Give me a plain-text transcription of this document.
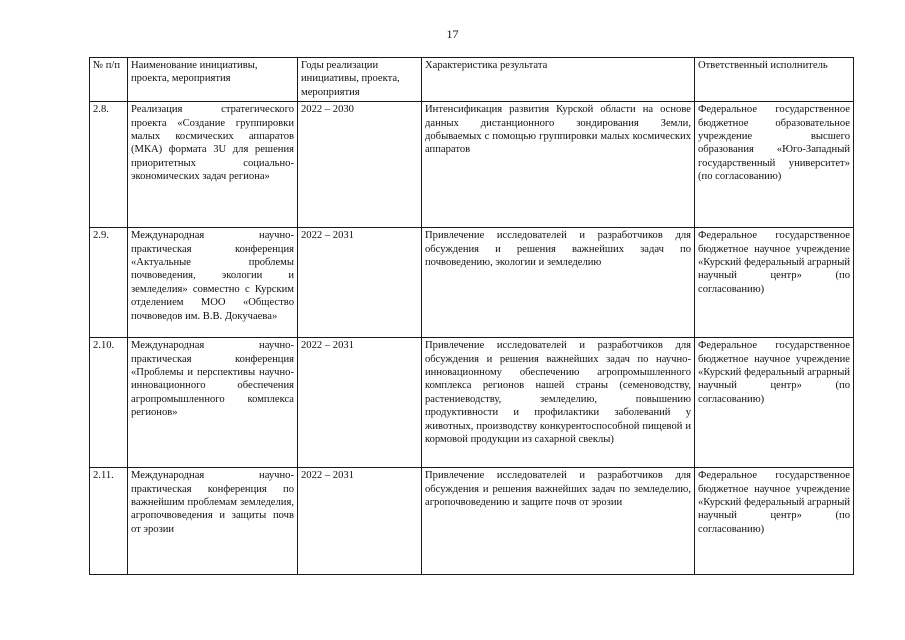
17
№ п/п	Наименование инициативы, проекта, мероприятия	Годы реализации инициативы, проекта, мероприятия	Характеристика результата	Ответственный исполнитель
2.8.	Реализация стратегического проекта «Создание группировки малых космических аппаратов (МКА) формата 3U для решения приоритетных социально-экономических задач региона»	2022 – 2030	Интенсификация развития Курской области на основе данных дистанционного зондирования Земли, добываемых с помощью группировки малых космических аппаратов	Федеральное государственное бюджетное образовательное учреждение высшего образования «Юго-Западный государственный университет» (по согласованию)
2.9.	Международная научно-практическая конференция «Актуальные проблемы почвоведения, экологии и земледелия» совместно с Курским отделением МОО «Общество почвоведов им. В.В. Докучаева»	2022 – 2031	Привлечение исследователей и разработчиков для обсуждения и решения важнейших задач по почвоведению, экологии и земледелию	Федеральное государственное бюджетное научное учреждение «Курский федеральный аграрный научный центр» (по согласованию)
2.10.	Международная научно-практическая конференция «Проблемы и перспективы научно-инновационного обеспечения агропромышленного комплекса регионов»	2022 – 2031	Привлечение исследователей и разработчиков для обсуждения и решения важнейших задач по научно-инновационному обеспечению агропромышленного комплекса регионов нашей страны (семеноводству, растениеводству, земледелию, повышению продуктивности и профилактики заболеваний у животных, производству конкурентоспособной пищевой и кормовой продукции из сахарной свеклы)	Федеральное государственное бюджетное научное учреждение «Курский федеральный аграрный научный центр» (по согласованию)
2.11.	Международная научно-практическая конференция по важнейшим проблемам земледелия, агропочвоведения и защиты почв от эрозии	2022 – 2031	Привлечение исследователей и разработчиков для обсуждения и решения важнейших задач по земледелию, агропочвоведению и защите почв от эрозии	Федеральное государственное бюджетное научное учреждение «Курский федеральный аграрный научный центр» (по согласованию)
